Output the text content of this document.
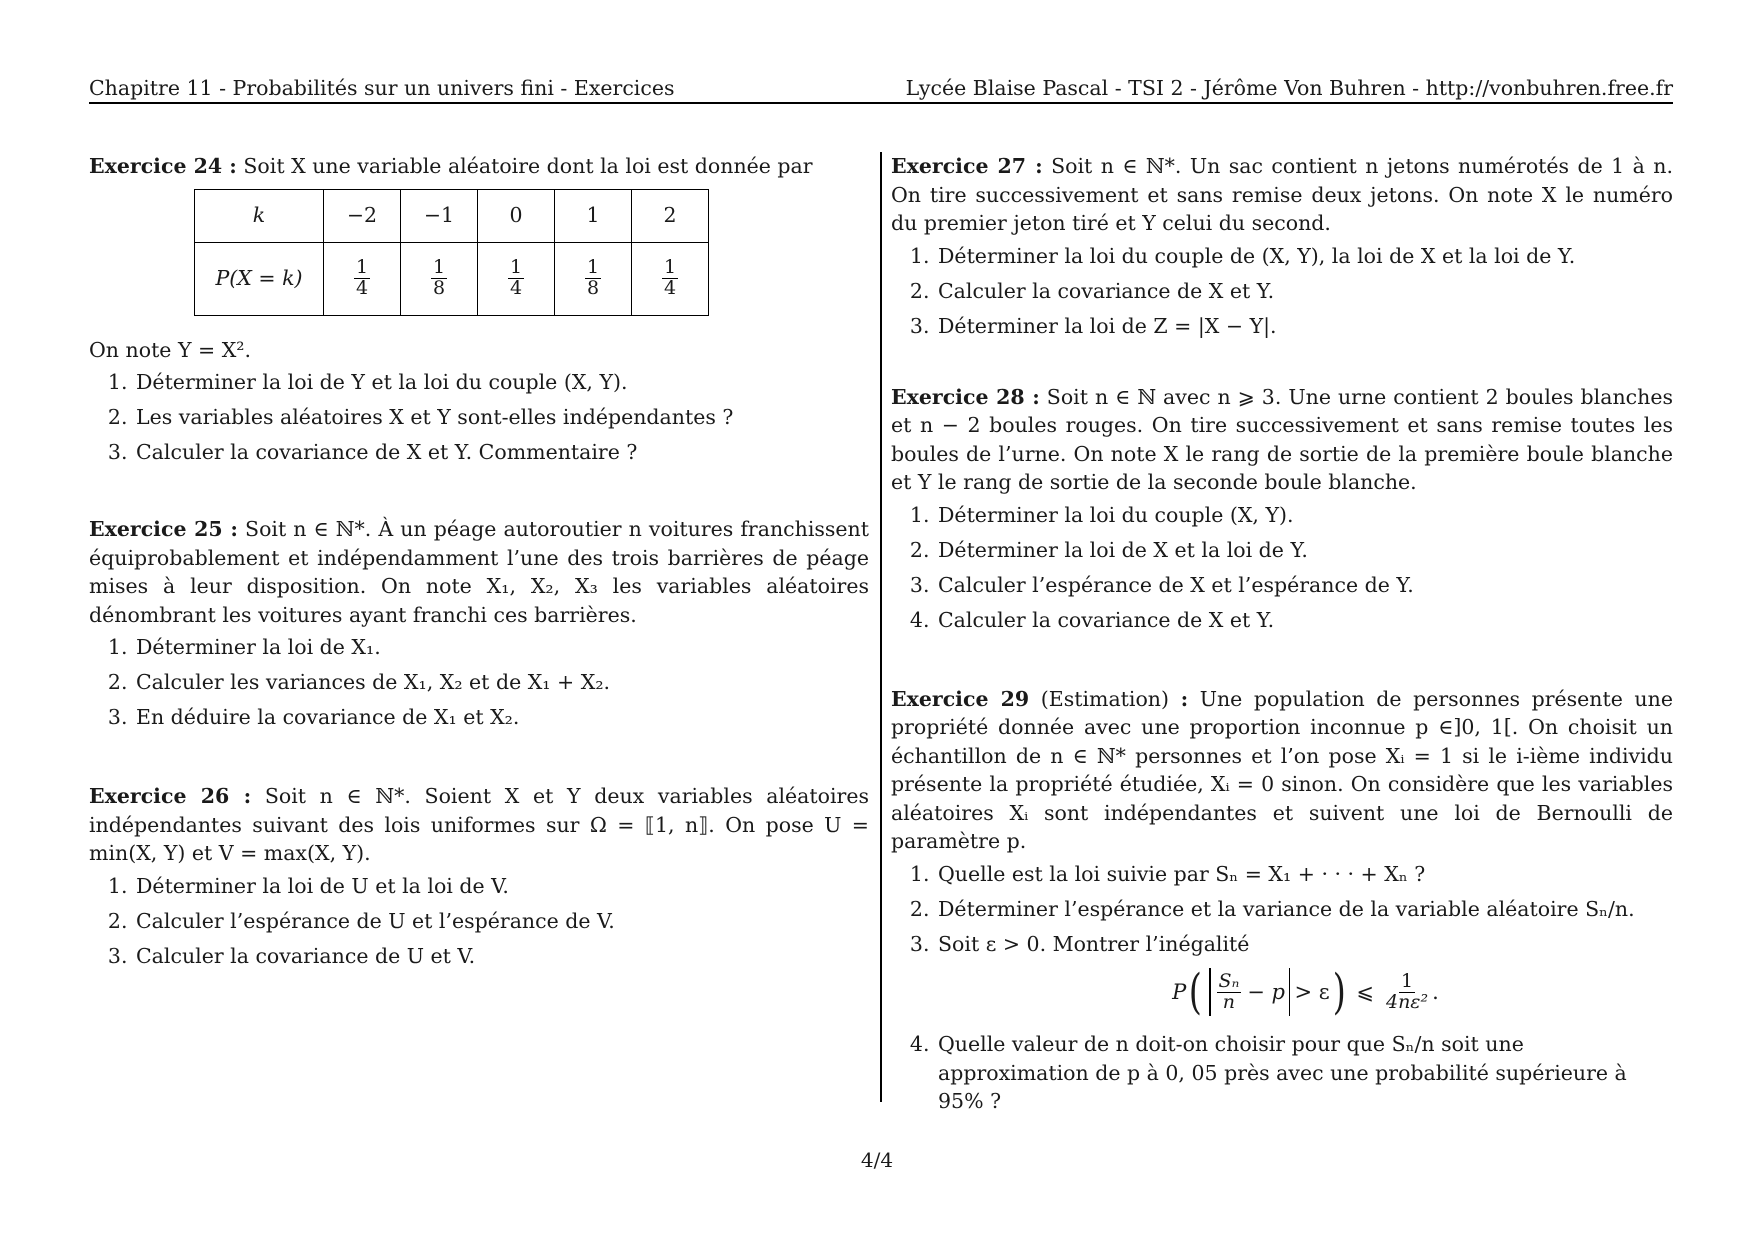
Chapitre 11 - Probabilités sur un univers fini - Exercices	Lycée Blaise Pascal - TSI 2 - Jérôme Von Buhren - http://vonbuhren.free.fr

Exercice 24 : Soit X une variable aléatoire dont la loi est donnée par

k	−2	−1	0	1	2
P(X = k)	$\frac{1}{4}$	$\frac{1}{8}$	$\frac{1}{4}$	$\frac{1}{8}$	$\frac{1}{4}$

On note Y = X².

1. Déterminer la loi de Y et la loi du couple (X, Y).
2. Les variables aléatoires X et Y sont-elles indépendantes ?
3. Calculer la covariance de X et Y. Commentaire ?

Exercice 25 : Soit n ∈ ℕ*. À un péage autoroutier n voitures franchissent équiprobablement et indépendamment l’une des trois barrières de péage mises à leur disposition. On note X₁, X₂, X₃ les variables aléatoires dénombrant les voitures ayant franchi ces barrières.

1. Déterminer la loi de X₁.
2. Calculer les variances de X₁, X₂ et de X₁ + X₂.
3. En déduire la covariance de X₁ et X₂.

Exercice 26 : Soit n ∈ ℕ*. Soient X et Y deux variables aléatoires indépendantes suivant des lois uniformes sur Ω = ⟦1, n⟧. On pose U = min(X, Y) et V = max(X, Y).

1. Déterminer la loi de U et la loi de V.
2. Calculer l’espérance de U et l’espérance de V.
3. Calculer la covariance de U et V.

Exercice 27 : Soit n ∈ ℕ*. Un sac contient n jetons numérotés de 1 à n. On tire successivement et sans remise deux jetons. On note X le numéro du premier jeton tiré et Y celui du second.

1. Déterminer la loi du couple de (X, Y), la loi de X et la loi de Y.
2. Calculer la covariance de X et Y.
3. Déterminer la loi de Z = |X − Y|.

Exercice 28 : Soit n ∈ ℕ avec n ⩾ 3. Une urne contient 2 boules blanches et n − 2 boules rouges. On tire successivement et sans remise toutes les boules de l’urne. On note X le rang de sortie de la première boule blanche et Y le rang de sortie de la seconde boule blanche.

1. Déterminer la loi du couple (X, Y).
2. Déterminer la loi de X et la loi de Y.
3. Calculer l’espérance de X et l’espérance de Y.
4. Calculer la covariance de X et Y.

Exercice 29 (Estimation) : Une population de personnes présente une propriété donnée avec une proportion inconnue p ∈]0, 1[. On choisit un échantillon de n ∈ ℕ* personnes et l’on pose Xᵢ = 1 si le i-ième individu présente la propriété étudiée, Xᵢ = 0 sinon. On considère que les variables aléatoires Xᵢ sont indépendantes et suivent une loi de Bernoulli de paramètre p.

1. Quelle est la loi suivie par Sₙ = X₁ + · · · + Xₙ ?
2. Déterminer l’espérance et la variance de la variable aléatoire Sₙ/n.
3. Soit ε > 0. Montrer l’inégalité
P ( $\frac{\text{Sₙ}}{n} - p > \varepsilon$ ) ⩽ $\frac{1}{\text{4nε²}}$ .
4. Quelle valeur de n doit-on choisir pour que Sₙ/n soit une approximation de p à 0, 05 près avec une probabilité supérieure à 95% ?
4/4
